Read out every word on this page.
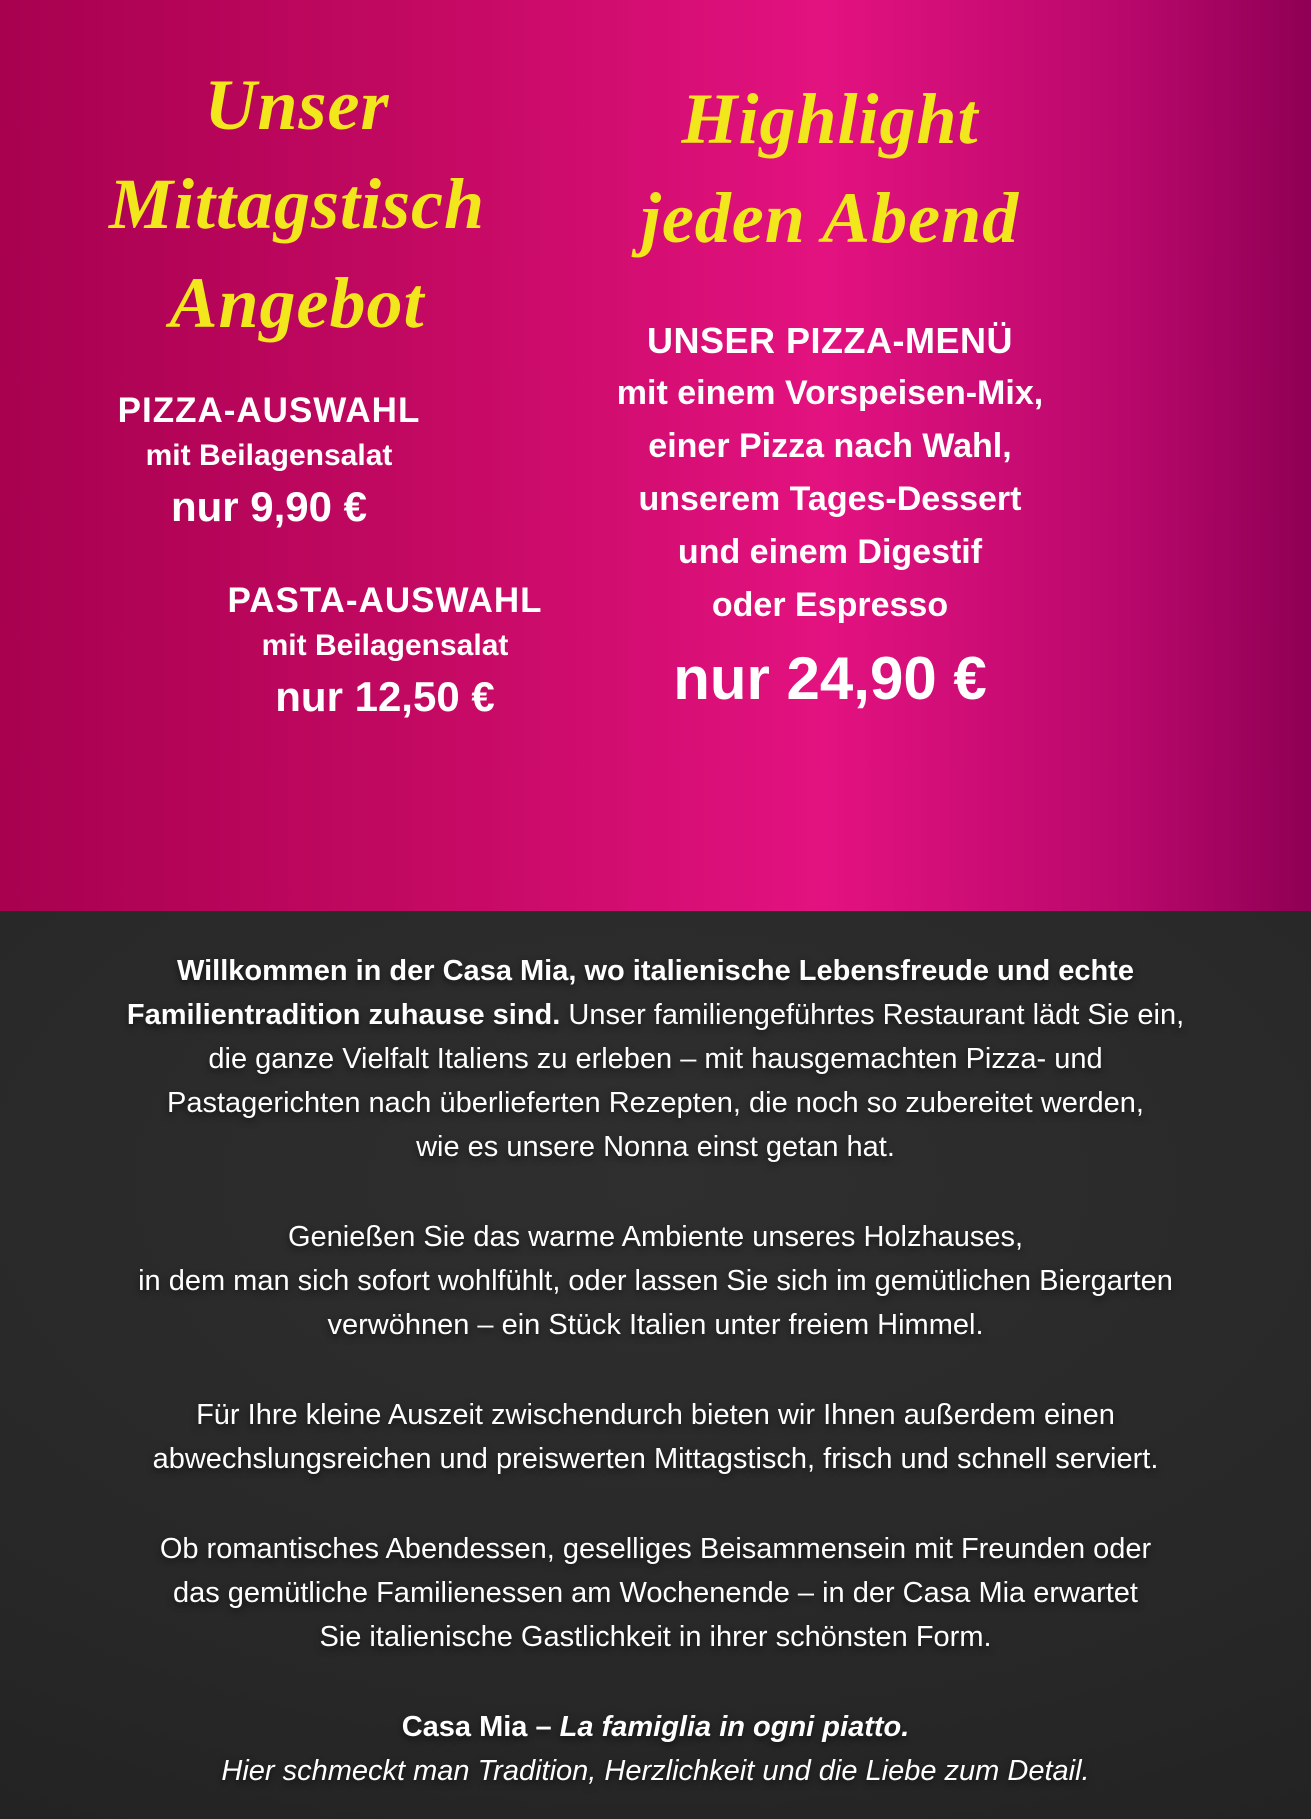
Unser
Mittagstisch
Angebot
PIZZA-AUSWAHL
mit Beilagensalat
nur 9,90 €
PASTA-AUSWAHL
mit Beilagensalat
nur 12,50 €
Highlight
jeden Abend
UNSER PIZZA-MENÜ
mit einem Vorspeisen-Mix,
einer Pizza nach Wahl,
unserem Tages-Dessert
und einem Digestif
oder Espresso
nur 24,90 €
Willkommen in der Casa Mia, wo italienische Lebensfreude und echte
Familientradition zuhause sind. Unser familiengeführtes Restaurant lädt Sie ein,
die ganze Vielfalt Italiens zu erleben – mit hausgemachten Pizza- und
Pastagerichten nach überlieferten Rezepten, die noch so zubereitet werden,
wie es unsere Nonna einst getan hat.
Genießen Sie das warme Ambiente unseres Holzhauses,
in dem man sich sofort wohlfühlt, oder lassen Sie sich im gemütlichen Biergarten
verwöhnen – ein Stück Italien unter freiem Himmel.
Für Ihre kleine Auszeit zwischendurch bieten wir Ihnen außerdem einen
abwechslungsreichen und preiswerten Mittagstisch, frisch und schnell serviert.
Ob romantisches Abendessen, geselliges Beisammensein mit Freunden oder
das gemütliche Familienessen am Wochenende – in der Casa Mia erwartet
Sie italienische Gastlichkeit in ihrer schönsten Form.
Casa Mia – La famiglia in ogni piatto.
Hier schmeckt man Tradition, Herzlichkeit und die Liebe zum Detail.
